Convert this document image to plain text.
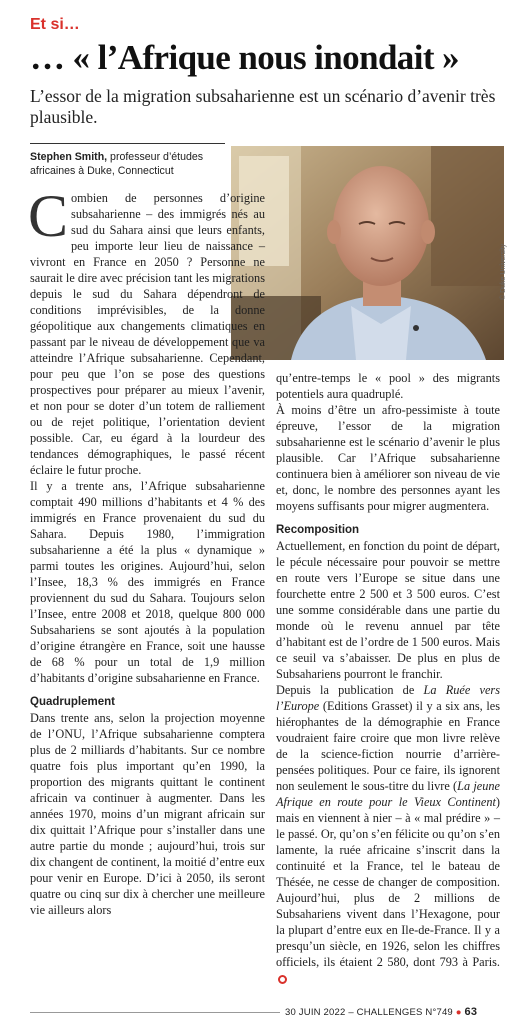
Et si…
… « l’Afrique nous inondait »

L’essor de la migration subsaharienne est un scénario d’avenir très plausible.

Stephen Smith, professeur d’études africaines à Duke, Connecticut
© Duke University

Combien de personnes d’origine subsaharienne – des immigrés nés au sud du Sahara ainsi que leurs enfants, peu importe leur lieu de naissance – vivront en France en 2050 ? Personne ne saurait le dire avec précision tant les migrations depuis le sud du Sahara dépendront de conditions imprévisibles, de la donne géopolitique aux changements climatiques en passant par le niveau de développement que va atteindre l’Afrique subsaharienne. Cependant, pour peu que l’on se pose des questions prospectives pour préparer au mieux l’avenir, et non pour se doter d’un totem de ralliement ou de rejet politique, l’orientation devient possible. Car, eu égard à la lourdeur des tendances démographiques, le passé récent éclaire le futur proche.

Il y a trente ans, l’Afrique subsaharienne comptait 490 millions d’habitants et 4 % des immigrés en France provenaient du sud du Sahara. Depuis 1980, l’immigration subsaharienne a été la plus « dynamique » parmi toutes les origines. Aujourd’hui, selon l’Insee, 18,3 % des immigrés en France proviennent du sud du Sahara. Toujours selon l’Insee, entre 2008 et 2018, quelque 800 000 Subsahariens se sont ajoutés à la population d’origine étrangère en France, soit une hausse de 68 % pour un total de 1,9 million d’habitants d’origine subsaharienne en France.

Quadruplement

Dans trente ans, selon la projection moyenne de l’ONU, l’Afrique subsaharienne comptera plus de 2 milliards d’habitants. Sur ce nombre quatre fois plus important qu’en 1990, la proportion des migrants quittant le continent africain va continuer à augmenter. Dans les années 1970, moins d’un migrant africain sur dix quittait l’Afrique pour s’installer dans une autre partie du monde ; aujourd’hui, trois sur dix changent de continent, la moitié d’entre eux pour venir en Europe. D’ici à 2050, ils seront quatre ou cinq sur dix à chercher une meilleure vie ailleurs alors

qu’entre-temps le « pool » des migrants potentiels aura quadruplé.

À moins d’être un afro-pessimiste à toute épreuve, l’essor de la migration subsaharienne est le scénario d’avenir le plus plausible. Car l’Afrique subsaharienne continuera bien à améliorer son niveau de vie et, donc, le nombre des personnes ayant les moyens suffisants pour migrer augmentera.

Recomposition

Actuellement, en fonction du point de départ, le pécule nécessaire pour pouvoir se mettre en route vers l’Europe se situe dans une fourchette entre 2 500 et 3 500 euros. C’est une somme considérable dans une partie du monde où le revenu annuel par tête d’habitant est de l’ordre de 1 500 euros. Mais ce seuil va s’abaisser. De plus en plus de Subsahariens pourront le franchir.

Depuis la publication de La Ruée vers l’Europe (Editions Grasset) il y a six ans, les hiérophantes de la démographie en France voudraient faire croire que mon livre relève de la science-fiction nourrie d’arrière-pensées politiques. Pour ce faire, ils ignorent non seulement le sous-titre du livre (La jeune Afrique en route pour le Vieux Continent) mais en viennent à nier – à « mal prédire » – le passé. Or, qu’on s’en félicite ou qu’on s’en lamente, la ruée africaine s’inscrit dans la continuité et la France, tel le bateau de Thésée, ne cesse de changer de composition. Aujourd’hui, plus de 2 millions de Subsahariens vivent dans l’Hexagone, pour la plupart d’entre eux en Ile-de-France. Il y a presqu’un siècle, en 1926, selon les chiffres officiels, ils étaient 2 580, dont 793 à Paris.

30 JUIN 2022 – CHALLENGES N°749 ● 63
